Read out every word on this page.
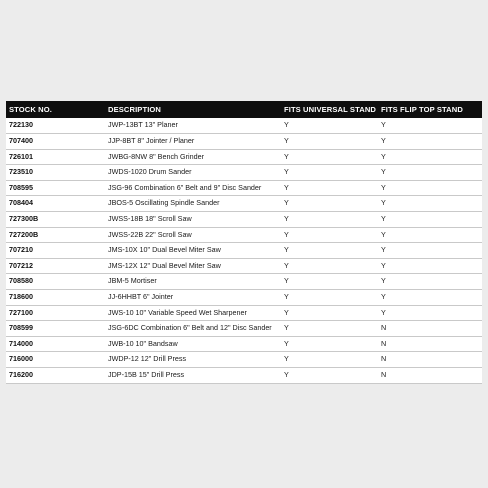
STOCK NO.	DESCRIPTION	FITS UNIVERSAL STAND	FITS FLIP TOP STAND
722130	JWP-13BT 13" Planer	Y	Y
707400	JJP-8BT 8" Jointer / Planer	Y	Y
726101	JWBG-8NW 8" Bench Grinder	Y	Y
723510	JWDS-1020 Drum Sander	Y	Y
708595	JSG-96 Combination 6" Belt and 9" Disc Sander	Y	Y
708404	JBOS-5 Oscillating Spindle Sander	Y	Y
727300B	JWSS-18B 18" Scroll Saw	Y	Y
727200B	JWSS-22B 22" Scroll Saw	Y	Y
707210	JMS-10X 10" Dual Bevel Miter Saw	Y	Y
707212	JMS-12X 12" Dual Bevel Miter Saw	Y	Y
708580	JBM-5 Mortiser	Y	Y
718600	JJ-6HHBT 6" Jointer	Y	Y
727100	JWS-10 10" Variable Speed Wet Sharpener	Y	Y
708599	JSG-6DC Combination 6" Belt and 12" Disc Sander	Y	N
714000	JWB-10 10" Bandsaw	Y	N
716000	JWDP-12 12" Drill Press	Y	N
716200	JDP-15B 15" Drill Press	Y	N
